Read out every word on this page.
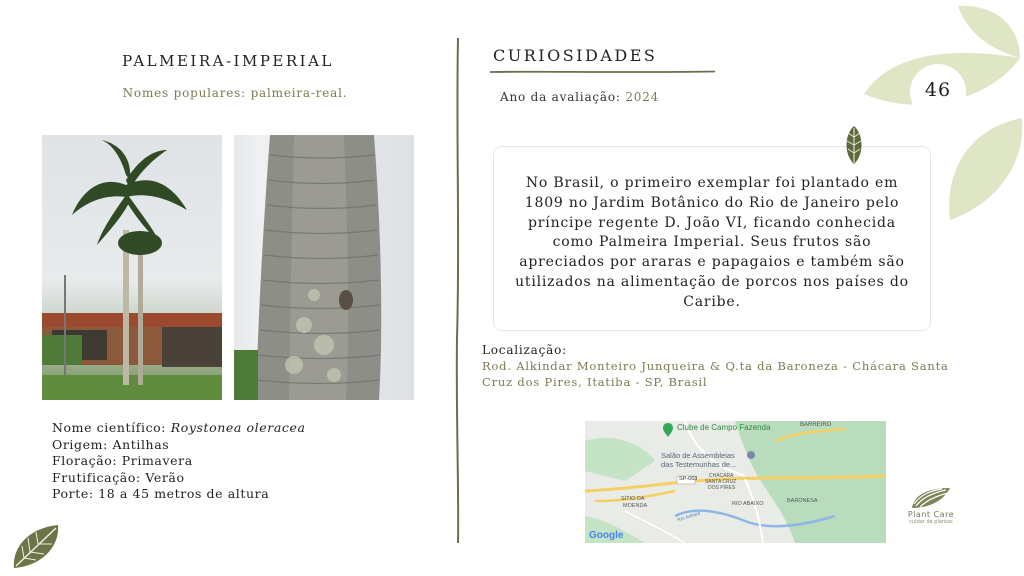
46
PALMEIRA-IMPERIAL
Nomes populares: palmeira-real.
Nome científico: Roystonea oleracea
Origem: Antilhas
Floração: Primavera
Frutificação: Verão
Porte: 18 a 45 metros de altura
CURIOSIDADES
Ano da avaliação: 2024
No Brasil, o primeiro exemplar foi plantado em 1809 no Jardim Botânico do Rio de Janeiro pelo príncipe regente D. João VI, ficando conhecida como Palmeira Imperial. Seus frutos são apreciados por araras e papagaios e também são utilizados na alimentação de porcos nos países do Caribe.
Localização:
Rod. Alkindar Monteiro Junqueira & Q.ta da Baroneza - Chácara Santa Cruz dos Pires, Itatiba - SP, Brasil
Clube de Campo Fazenda	BARREIRO
Salão de Assembleias
das Testemunhas de...
SP-063 CHÁCARA
SANTA CRUZ
DOS PIRES
SÍTIO DA
MOENDA
Rio Atibaia
RIO ABAIXO	BARONESA
Google
Plant Care
cuidar de plantas
